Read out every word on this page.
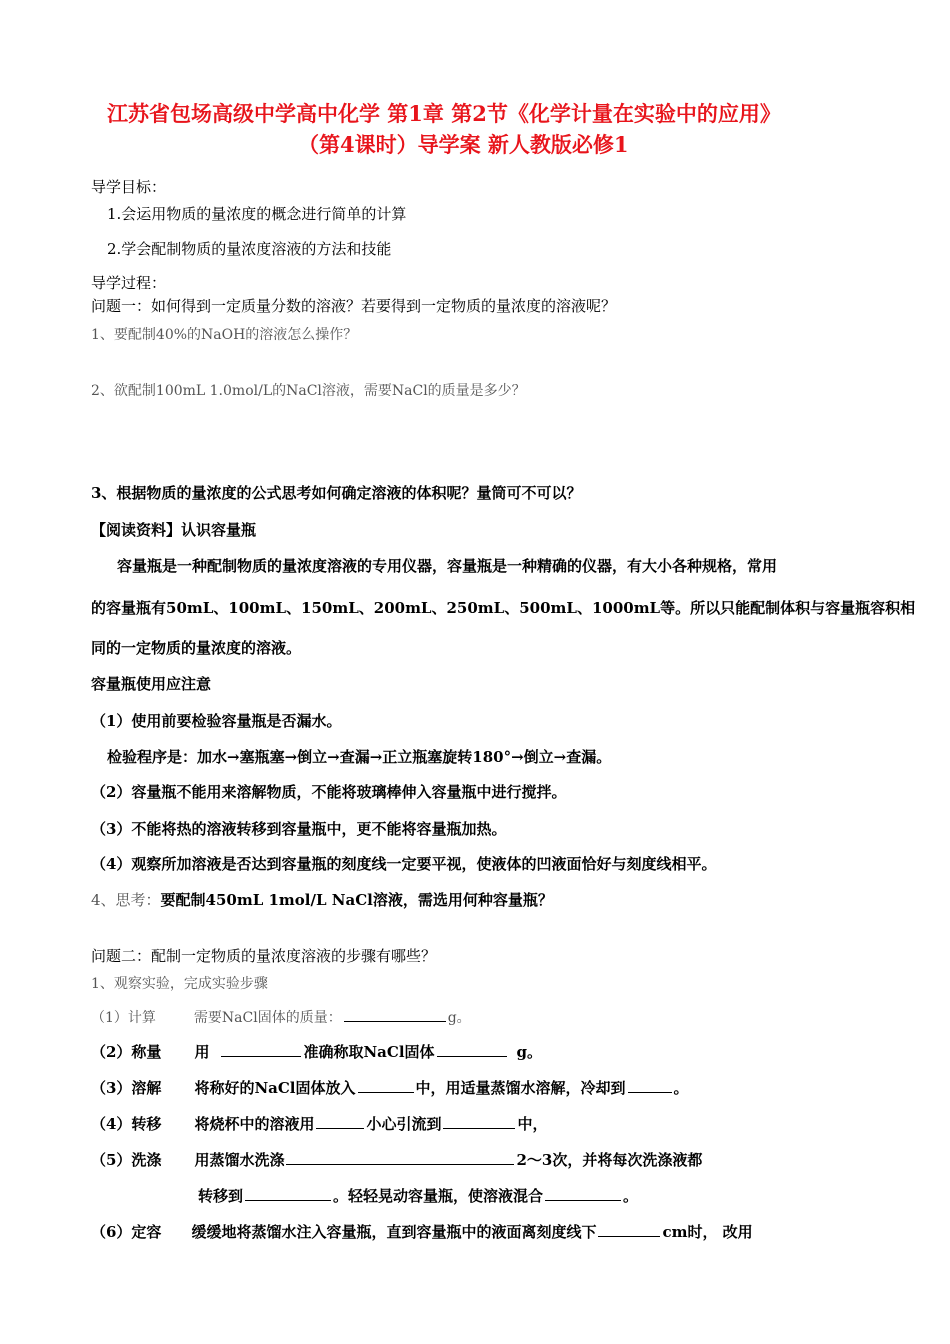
江苏省包场高级中学高中化学 第1章 第2节《化学计量在实验中的应用》
（第4课时）导学案 新人教版必修1
导学目标：
1.会运用物质的量浓度的概念进行简单的计算
2.学会配制物质的量浓度溶液的方法和技能
导学过程：
问题一：如何得到一定质量分数的溶液？若要得到一定物质的量浓度的溶液呢？
1、要配制40%的NaOH的溶液怎么操作？
2、欲配制100mL 1.0mol/L的NaCl溶液，需要NaCl的质量是多少？
3、根据物质的量浓度的公式思考如何确定溶液的体积呢？量筒可不可以？
【阅读资料】认识容量瓶
容量瓶是一种配制物质的量浓度溶液的专用仪器，容量瓶是一种精确的仪器，有大小各种规格，常用
的容量瓶有50mL、100mL、150mL、200mL、250mL、500mL、1000mL等。所以只能配制体积与容量瓶容积相
同的一定物质的量浓度的溶液。
容量瓶使用应注意
（1）使用前要检验容量瓶是否漏水。
检验程序是：加水→塞瓶塞→倒立→查漏→正立瓶塞旋转180°→倒立→查漏。
（2）容量瓶不能用来溶解物质，不能将玻璃棒伸入容量瓶中进行搅拌。
（3）不能将热的溶液转移到容量瓶中，更不能将容量瓶加热。
（4）观察所加溶液是否达到容量瓶的刻度线一定要平视，使液体的凹液面恰好与刻度线相平。
4、思考：要配制450mL 1mol/L NaCl溶液，需选用何种容量瓶？
问题二：配制一定物质的量浓度溶液的步骤有哪些？
1、观察实验，完成实验步骤
（1）计算	需要NaCl固体的质量：	g。
（2）称量 用	准确称取NaCl固体	g。
（3）溶解 将称好的NaCl固体放入	中，用适量蒸馏水溶解，冷却到	。
（4）转移 将烧杯中的溶液用	小心引流到	中，
（5）洗涤 用蒸馏水洗涤	2～3次，并将每次洗涤液都
转移到	。轻轻晃动容量瓶，使溶液混合	。
（6）定容 缓缓地将蒸馏水注入容量瓶，直到容量瓶中的液面离刻度线下	cm时， 改用
